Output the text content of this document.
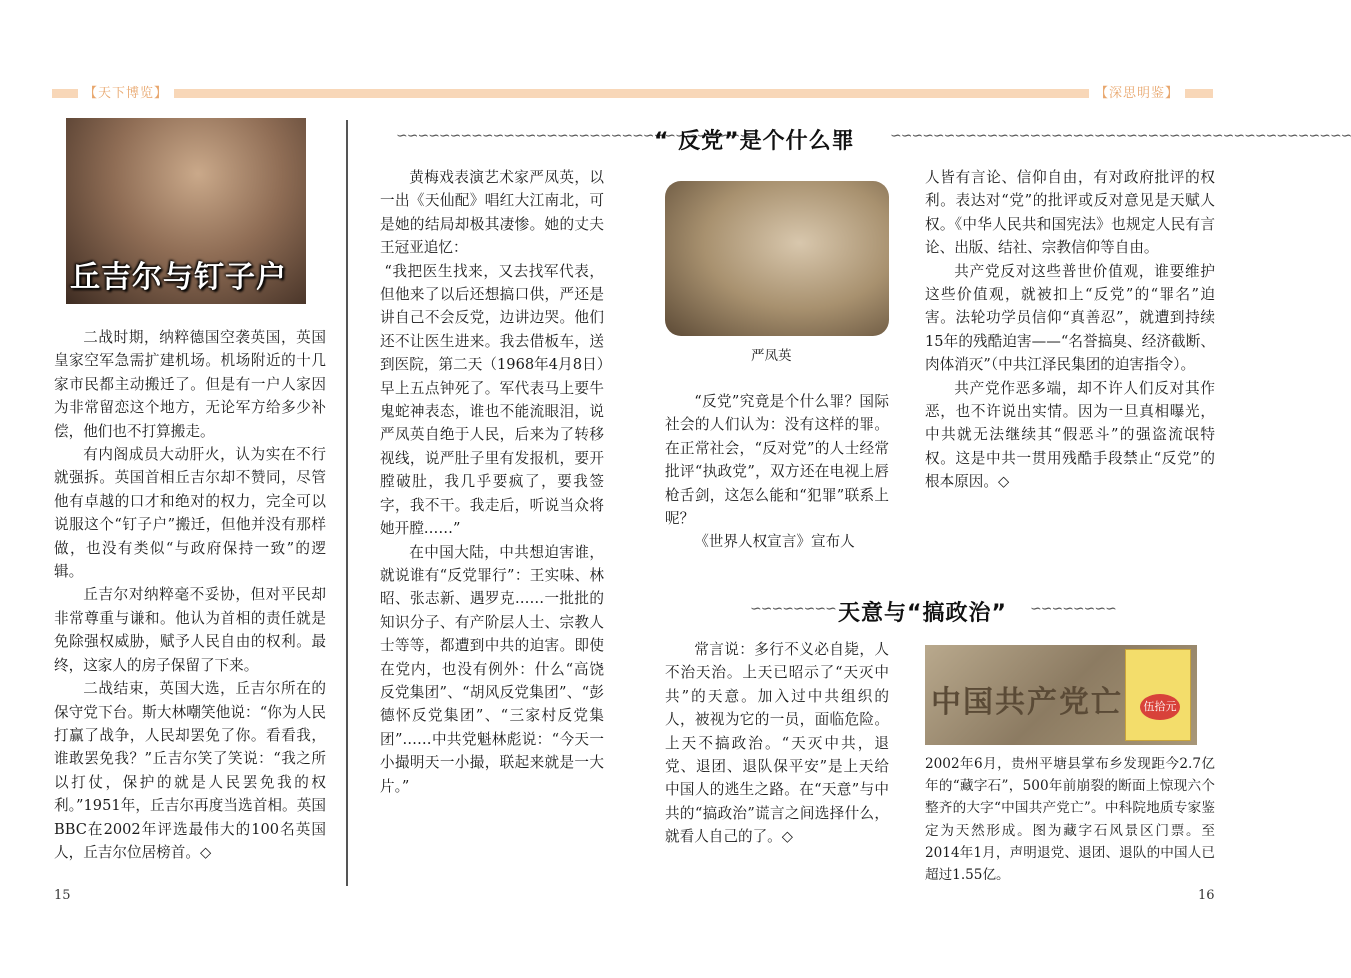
【天下博览】	【深思明鉴】
丘吉尔与钉子户

二战时期，纳粹德国空袭英国，英国皇家空军急需扩建机场。机场附近的十几家市民都主动搬迁了。但是有一户人家因为非常留恋这个地方，无论军方给多少补偿，他们也不打算搬走。

有内阁成员大动肝火，认为实在不行就强拆。英国首相丘吉尔却不赞同，尽管他有卓越的口才和绝对的权力，完全可以说服这个“钉子户”搬迁，但他并没有那样做，也没有类似“与政府保持一致”的逻辑。

丘吉尔对纳粹毫不妥协，但对平民却非常尊重与谦和。他认为首相的责任就是免除强权威胁，赋予人民自由的权利。最终，这家人的房子保留了下来。

二战结束，英国大选，丘吉尔所在的保守党下台。斯大林嘲笑他说：“你为人民打赢了战争，人民却罢免了你。看看我，谁敢罢免我？”丘吉尔笑了笑说：“我之所以打仗，保护的就是人民罢免我的权利。”1951年，丘吉尔再度当选首相。英国BBC在2002年评选最伟大的100名英国人，丘吉尔位居榜首。◇

15
∽∽∽∽∽∽∽∽∽∽∽∽∽∽∽∽∽∽∽∽∽∽∽∽∽∽∽∽∽∽∽∽∽
“ 反党”是个什么罪	∽∽∽∽∽∽∽∽∽∽∽∽∽∽∽∽∽∽∽∽∽∽∽∽∽∽∽∽∽∽∽∽∽∽∽∽∽∽∽∽∽∽∽

黄梅戏表演艺术家严凤英，以一出《天仙配》唱红大江南北，可是她的结局却极其凄惨。她的丈夫王冠亚追忆：

“我把医生找来，又去找军代表，但他来了以后还想搞口供，严还是讲自己不会反党，边讲边哭。他们还不让医生进来。我去借板车，送到医院，第二天（1968年4月8日）早上五点钟死了。军代表马上要牛鬼蛇神表态，谁也不能流眼泪，说严凤英自绝于人民，后来为了转移视线，说严肚子里有发报机，要开膛破肚，我几乎要疯了，要我签字，我不干。我走后，听说当众将她开膛……”

在中国大陆，中共想迫害谁，就说谁有“反党罪行”：王实味、林昭、张志新、遇罗克……一批批的知识分子、有产阶层人士、宗教人士等等，都遭到中共的迫害。即使在党内，也没有例外：什么“高饶反党集团”、“胡风反党集团”、“彭德怀反党集团”、“三家村反党集团”……中共党魁林彪说：“今天一小撮明天一小撮，联起来就是一大片。”

严凤英

“反党”究竟是个什么罪？国际社会的人们认为：没有这样的罪。在正常社会，“反对党”的人士经常批评“执政党”，双方还在电视上唇枪舌剑，这怎么能和“犯罪”联系上呢？

《世界人权宣言》宣布人

人皆有言论、信仰自由，有对政府批评的权利。表达对“党”的批评或反对意见是天赋人权。《中华人民共和国宪法》也规定人民有言论、出版、结社、宗教信仰等自由。

共产党反对这些普世价值观，谁要维护这些价值观，就被扣上“反党”的“罪名”迫害。法轮功学员信仰“真善忍”，就遭到持续15年的残酷迫害——“名誉搞臭、经济截断、肉体消灭”（中共江泽民集团的迫害指令）。

共产党作恶多端，却不许人们反对其作恶，也不许说出实情。因为一旦真相曝光，中共就无法继续其“假恶斗”的强盗流氓特权。这是中共一贯用残酷手段禁止“反党”的根本原因。◇

∽∽∽∽∽∽∽∽ 天意与“搞政治” ∽∽∽∽∽∽∽∽

常言说：多行不义必自毙，人不治天治。上天已昭示了“天灭中共”的天意。加入过中共组织的人，被视为它的一员，面临危险。上天不搞政治。“天灭中共，退党、退团、退队保平安”是上天给中国人的逃生之路。在“天意”与中共的“搞政治”谎言之间选择什么，就看人自己的了。◇

中国共产党亡	伍拾元
2002年6月，贵州平塘县掌布乡发现距今2.7亿年的“藏字石”，500年前崩裂的断面上惊现六个整齐的大字“中国共产党亡”。中科院地质专家鉴定为天然形成。图为藏字石风景区门票。至2014年1月，声明退党、退团、退队的中国人已超过1.55亿。
16
